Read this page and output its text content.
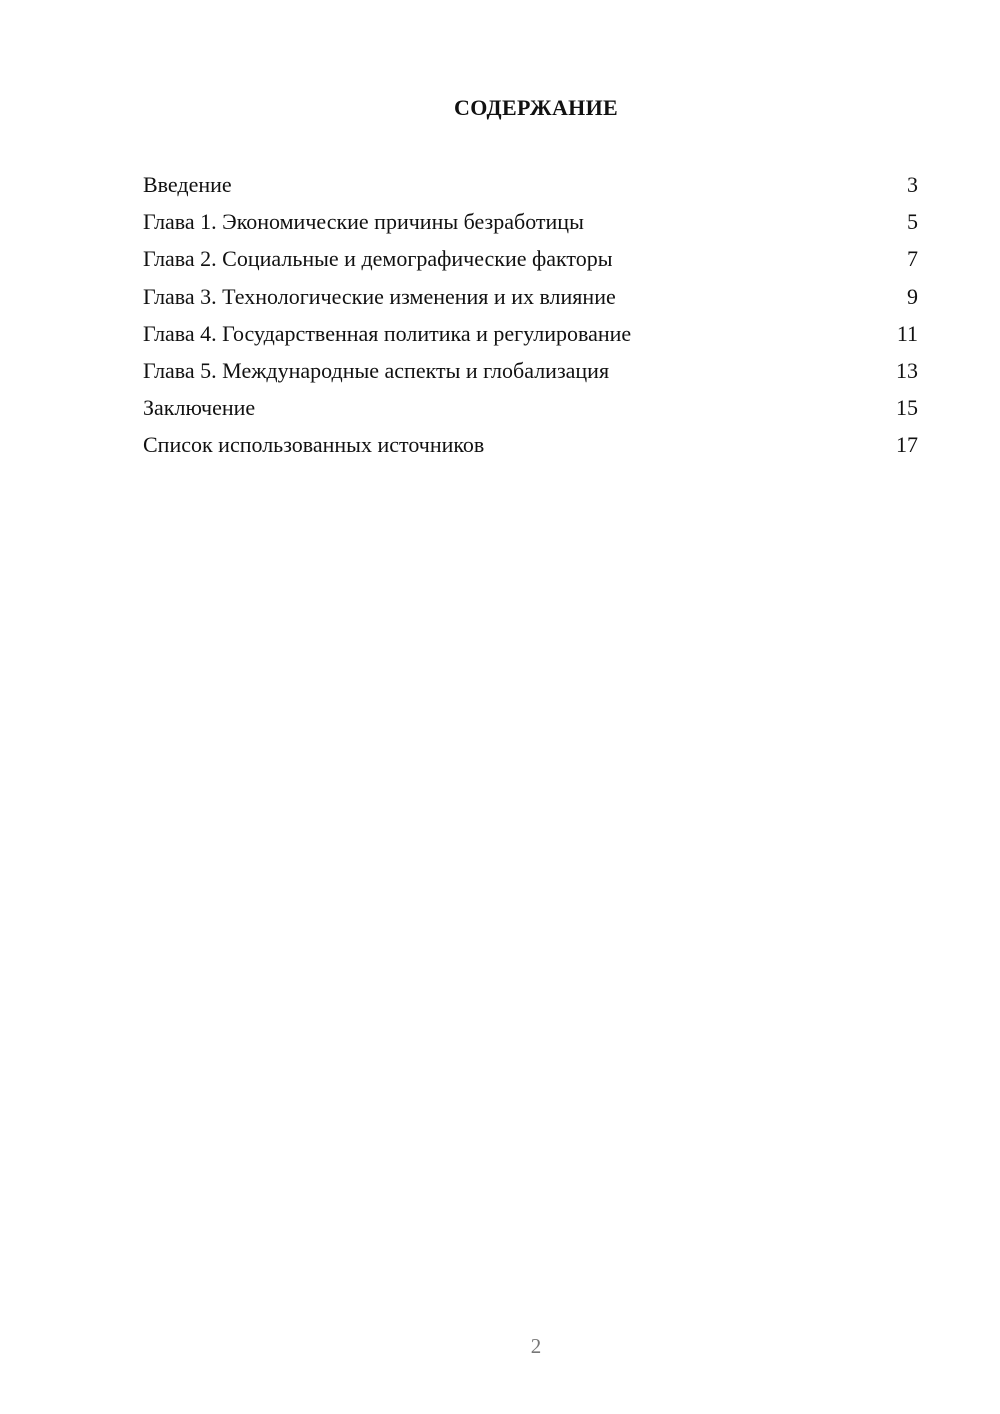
СОДЕРЖАНИЕ
Введение	3
Глава 1. Экономические причины безработицы	5
Глава 2. Социальные и демографические факторы	7
Глава 3. Технологические изменения и их влияние	9
Глава 4. Государственная политика и регулирование	11
Глава 5. Международные аспекты и глобализация	13
Заключение	15
Список использованных источников	17
2
